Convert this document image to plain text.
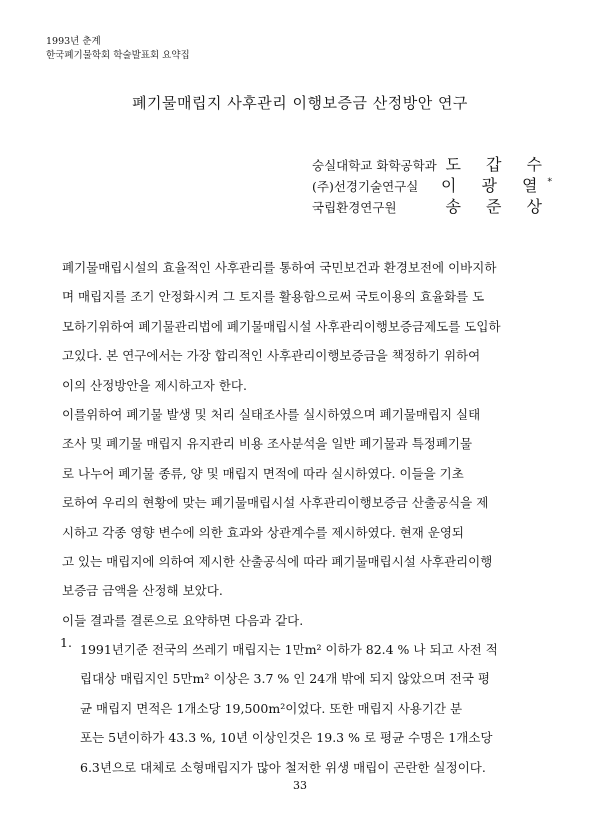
1993년 춘계
한국폐기물학회 학술발표회 요약집
폐기물매립지 사후관리 이행보증금 산정방안 연구
숭실대학교 화학공학과 도 갑 수
(주)선경기술연구실	이 광 열*
국립환경연구원	송 준 상
폐기물매립시설의 효율적인 사후관리를 통하여 국민보건과 환경보전에 이바지하
며 매립지를 조기 안정화시켜 그 토지를 활용함으로써 국토이용의 효율화를 도
모하기위하여 폐기물관리법에 폐기물매립시설 사후관리이행보증금제도를 도입하
고있다. 본 연구에서는 가장 합리적인 사후관리이행보증금을 책정하기 위하여
이의 산정방안을 제시하고자 한다.
이를위하여 폐기물 발생 및 처리 실태조사를 실시하였으며 폐기물매립지 실태
조사 및 폐기물 매립지 유지관리 비용 조사분석을 일반 폐기물과 특정폐기물
로 나누어 폐기물 종류, 양 및 매립지 면적에 따라 실시하였다. 이들을 기초
로하여 우리의 현황에 맞는 폐기물매립시설 사후관리이행보증금 산출공식을 제
시하고 각종 영향 변수에 의한 효과와 상관계수를 제시하였다. 현재 운영되
고 있는 매립지에 의하여 제시한 산출공식에 따라 폐기물매립시설 사후관리이행
보증금 금액을 산정해 보았다.
이들 결과를 결론으로 요약하면 다음과 같다.
1. 1991년기준 전국의 쓰레기 매립지는 1만m² 이하가 82.4 % 나 되고 사전 적
립대상 매립지인 5만m² 이상은 3.7 % 인 24개 밖에 되지 않았으며 전국 평
균 매립지 면적은 1개소당 19,500m²이었다. 또한 매립지 사용기간 분
포는 5년이하가 43.3 %, 10년 이상인것은 19.3 % 로 평균 수명은 1개소당
6.3년으로 대체로 소형매립지가 많아 철저한 위생 매립이 곤란한 실정이다.
33
